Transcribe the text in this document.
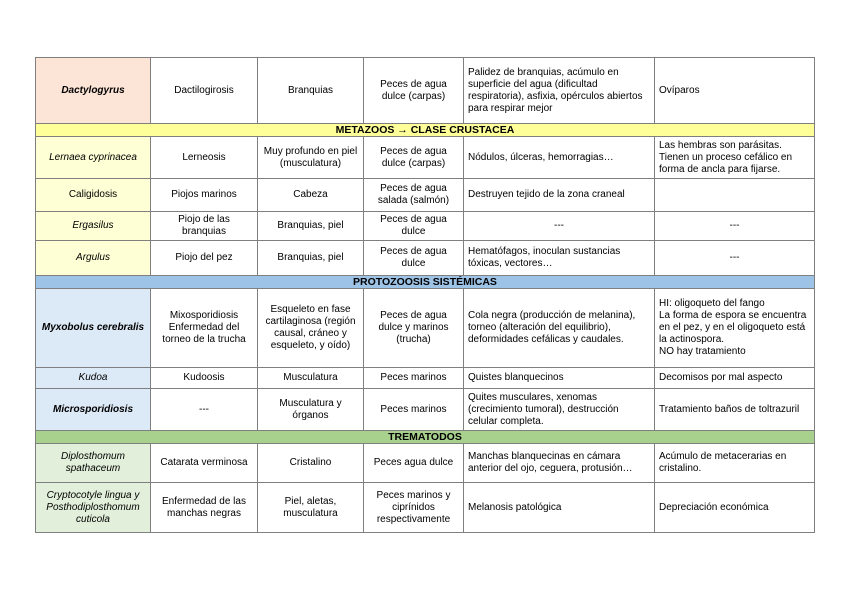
Dactylogyrus	Dactilogirosis	Branquias	Peces de agua dulce (carpas)	Palidez de branquias, acúmulo en superficie del agua (dificultad respiratoria), asfixia, opérculos abiertos para respirar mejor	Ovíparos
METAZOOS → CLASE CRUSTACEA					
Lernaea cyprinacea	Lerneosis	Muy profundo en piel (musculatura)	Peces de agua dulce (carpas)	Nódulos, úlceras, hemorragias…	Las hembras son parásitas. Tienen un proceso cefálico en forma de ancla para fijarse.
Caligidosis	Piojos marinos	Cabeza	Peces de agua salada (salmón)	Destruyen tejido de la zona craneal	
Ergasilus	Piojo de las branquias	Branquias, piel	Peces de agua dulce	---	---
Argulus	Piojo del pez	Branquias, piel	Peces de agua dulce	Hematófagos, inoculan sustancias tóxicas, vectores…	---
PROTOZOOSIS SISTÉMICAS					
Myxobolus cerebralis	Mixosporidiosis Enfermedad del torneo de la trucha	Esqueleto en fase cartilaginosa (región causal, cráneo y esqueleto, y oído)	Peces de agua dulce y marinos (trucha)	Cola negra (producción de melanina), torneo (alteración del equilibrio), deformidades cefálicas y caudales.	HI: oligoqueto del fango
La forma de espora se encuentra en el pez, y en el oligoqueto está la actinospora.
NO hay tratamiento
Kudoa	Kudoosis	Musculatura	Peces marinos	Quistes blanquecinos	Decomisos por mal aspecto
Microsporidiosis	---	Musculatura y órganos	Peces marinos	Quites musculares, xenomas (crecimiento tumoral), destrucción celular completa.	Tratamiento baños de toltrazuril
TREMATODOS					
Diplosthomum spathaceum	Catarata verminosa	Cristalino	Peces agua dulce	Manchas blanquecinas en cámara anterior del ojo, ceguera, protusión…	Acúmulo de metacerarias en cristalino.
Cryptocotyle lingua y Posthodiplosthomum cuticola	Enfermedad de las manchas negras	Piel, aletas, musculatura	Peces marinos y ciprínidos respectivamente	Melanosis patológica	Depreciación económica
